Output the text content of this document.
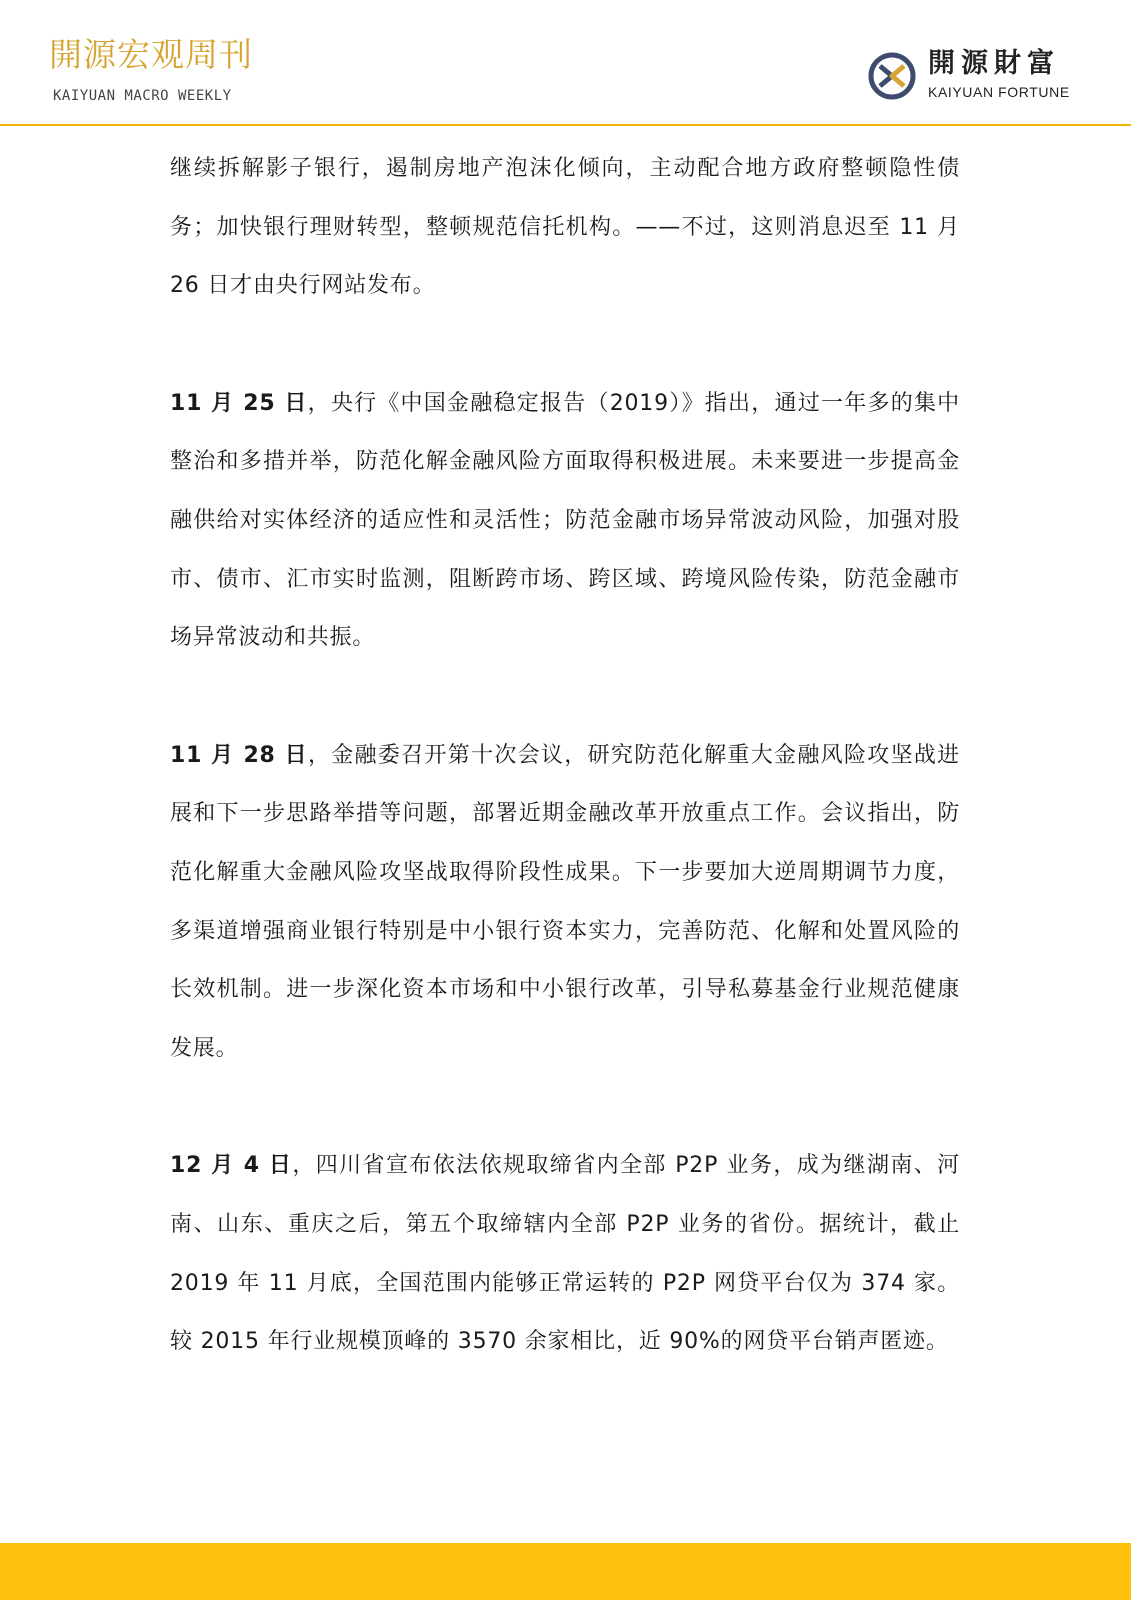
開源宏观周刊
KAIYUAN MACRO WEEKLY
開源財富
KAIYUAN FORTUNE

继续拆解影子银行，遏制房地产泡沫化倾向，主动配合地方政府整顿隐性债务；加快银行理财转型，整顿规范信托机构。——不过，这则消息迟至 11 月 26 日才由央行网站发布。

11 月 25 日，央行《中国金融稳定报告（2019）》指出，通过一年多的集中整治和多措并举，防范化解金融风险方面取得积极进展。未来要进一步提高金融供给对实体经济的适应性和灵活性；防范金融市场异常波动风险，加强对股市、债市、汇市实时监测，阻断跨市场、跨区域、跨境风险传染，防范金融市场异常波动和共振。

11 月 28 日，金融委召开第十次会议，研究防范化解重大金融风险攻坚战进展和下一步思路举措等问题，部署近期金融改革开放重点工作。会议指出，防范化解重大金融风险攻坚战取得阶段性成果。下一步要加大逆周期调节力度，多渠道增强商业银行特别是中小银行资本实力，完善防范、化解和处置风险的长效机制。进一步深化资本市场和中小银行改革，引导私募基金行业规范健康发展。

12 月 4 日，四川省宣布依法依规取缔省内全部 P2P 业务，成为继湖南、河南、山东、重庆之后，第五个取缔辖内全部 P2P 业务的省份。据统计，截止 2019 年 11 月底，全国范围内能够正常运转的 P2P 网贷平台仅为 374 家。较 2015 年行业规模顶峰的 3570 余家相比，近 90%的网贷平台销声匿迹。
